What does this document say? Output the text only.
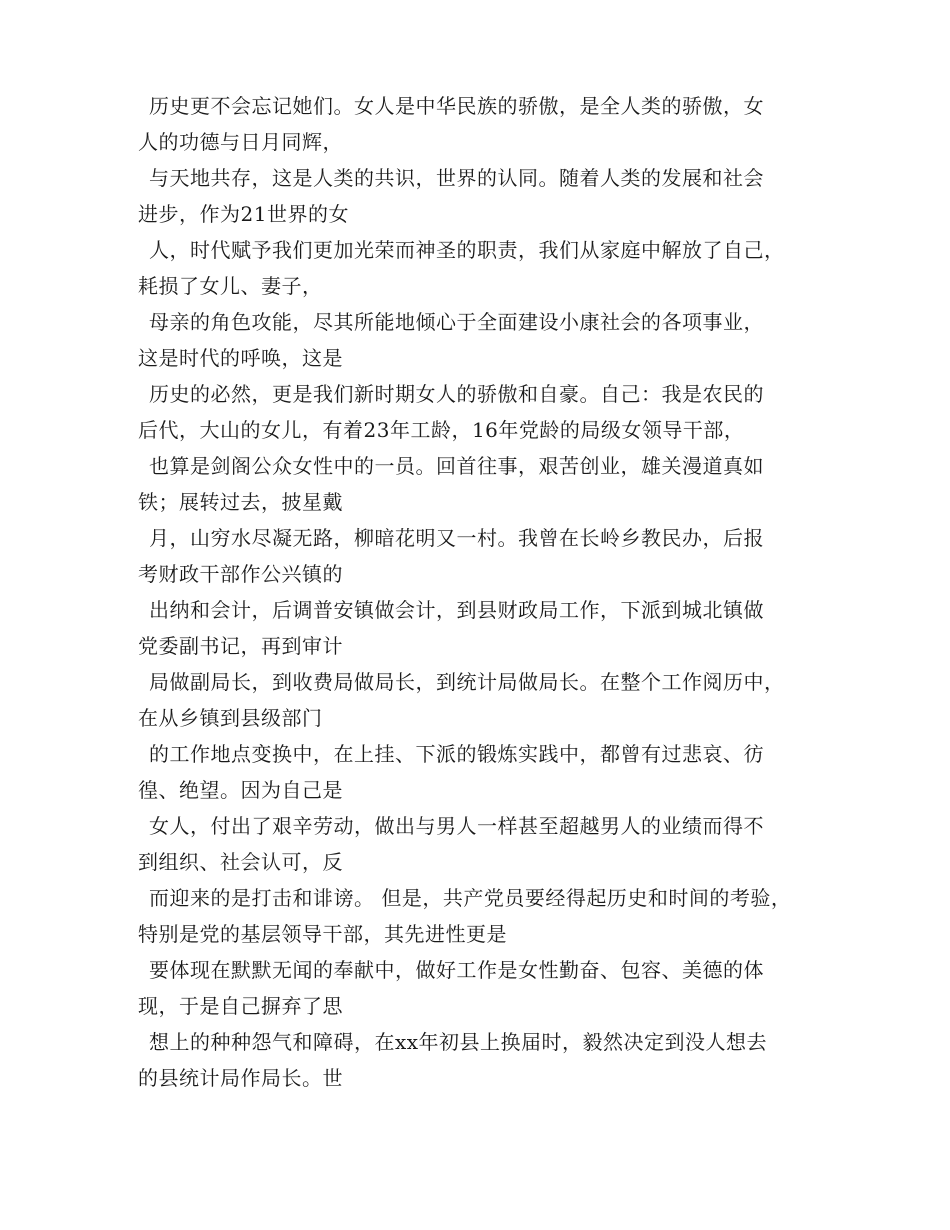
历史更不会忘记她们。女人是中华民族的骄傲，是全人类的骄傲，女
人的功德与日月同辉，
与天地共存，这是人类的共识，世界的认同。随着人类的发展和社会
进步，作为21世界的女
人，时代赋予我们更加光荣而神圣的职责，我们从家庭中解放了自己，
耗损了女儿、妻子，
母亲的角色攻能，尽其所能地倾心于全面建设小康社会的各项事业，
这是时代的呼唤，这是
历史的必然，更是我们新时期女人的骄傲和自豪。自己：我是农民的
后代，大山的女儿，有着23年工龄，16年党龄的局级女领导干部，
也算是剑阁公众女性中的一员。回首往事，艰苦创业，雄关漫道真如
铁；展转过去，披星戴
月，山穷水尽凝无路，柳暗花明又一村。我曾在长岭乡教民办，后报
考财政干部作公兴镇的
出纳和会计，后调普安镇做会计，到县财政局工作，下派到城北镇做
党委副书记，再到审计
局做副局长，到收费局做局长，到统计局做局长。在整个工作阅历中，
在从乡镇到县级部门
的工作地点变换中，在上挂、下派的锻炼实践中，都曾有过悲哀、彷
徨、绝望。因为自己是
女人，付出了艰辛劳动，做出与男人一样甚至超越男人的业绩而得不
到组织、社会认可，反
而迎来的是打击和诽谤。 但是，共产党员要经得起历史和时间的考验，
特别是党的基层领导干部，其先进性更是
要体现在默默无闻的奉献中，做好工作是女性勤奋、包容、美德的体
现，于是自己摒弃了思
想上的种种怨气和障碍，在xx年初县上换届时，毅然决定到没人想去
的县统计局作局长。世
